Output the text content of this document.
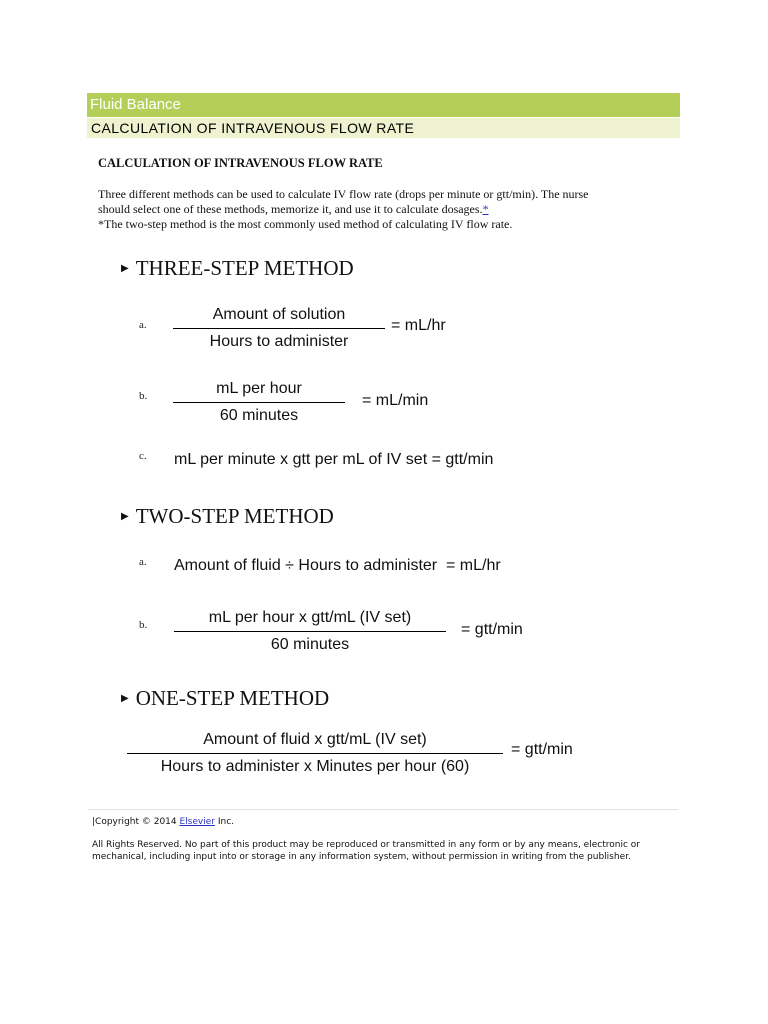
Fluid Balance
CALCULATION OF INTRAVENOUS FLOW RATE
CALCULATION OF INTRAVENOUS FLOW RATE
Three different methods can be used to calculate IV flow rate (drops per minute or gtt/min). The nurse
should select one of these methods, memorize it, and use it to calculate dosages.*
*The two-step method is the most commonly used method of calculating IV flow rate.
▶ THREE-STEP METHOD
a.
Amount of solution
Hours to administer
= mL/hr
b.	mL per hour
60 minutes
= mL/min
c. mL per minute x gtt per mL of IV set = gtt/min
▶ TWO-STEP METHOD
a. Amount of fluid ÷ Hours to administer  = mL/hr
b.	mL per hour x gtt/mL (IV set)
60 minutes
= gtt/min
▶ ONE-STEP METHOD
Amount of fluid x gtt/mL (IV set)
Hours to administer x Minutes per hour (60)
= gtt/min
|Copyright © 2014 Elsevier Inc.
All Rights Reserved. No part of this product may be reproduced or transmitted in any form or by any means, electronic or
mechanical, including input into or storage in any information system, without permission in writing from the publisher.
